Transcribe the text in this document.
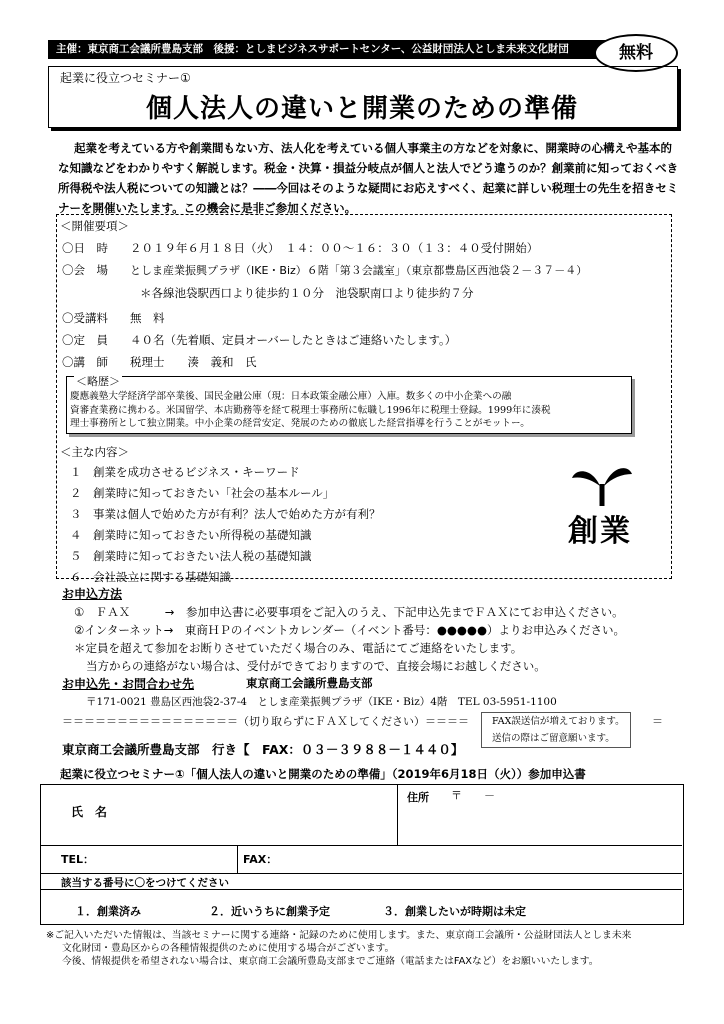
主催：東京商工会議所豊島支部　後援：としまビジネスサポートセンター、公益財団法人としま未来文化財団	無料
起業に役立つセミナー①
個人法人の違いと開業のための準備
起業を考えている方や創業間もない方、法人化を考えている個人事業主の方などを対象に、開業時の心構えや基本的な知識などをわかりやすく解説します。税金・決算・損益分岐点が個人と法人でどう違うのか？創業前に知っておくべき所得税や法人税についての知識とは？――今回はそのような疑問にお応えすべく、起業に詳しい税理士の先生を招きセミナーを開催いたします。この機会に是非ご参加ください。
＜開催要項＞
〇日　時 ２０１９年６月１８日（火）　１４：００～１６：３０（１３：４０受付開始）
〇会　場 としま産業振興プラザ（IKE・Biz）６階「第３会議室」（東京都豊島区西池袋２－３７－４）
＊各線池袋駅西口より徒歩約１０分　池袋駅南口より徒歩約７分
〇受講料 無　料
〇定　員 ４０名（先着順、定員オーバーしたときはご連絡いたします。）
〇講　師 税理士　　湊　義和　氏
＜略歴＞
慶應義塾大学経済学部卒業後、国民金融公庫（現：日本政策金融公庫）入庫。数多くの中小企業への融
資審査業務に携わる。米国留学、本店勤務等を経て税理士事務所に転職し1996年に税理士登録。1999年に湊税
理士事務所として独立開業。中小企業の経営安定、発展のための徹底した経営指導を行うことがモットー。
＜主な内容＞
１　創業を成功させるビジネス・キーワード
２　創業時に知っておきたい「社会の基本ルール」
３　事業は個人で始めた方が有利？法人で始めた方が有利？
４　創業時に知っておきたい所得税の基礎知識
５　創業時に知っておきたい法人税の基礎知識
６　会社設立に関する基礎知識
創業
お申込方法
①　ＦＡＸ　　　→　参加申込書に必要事項をご記入のうえ、下記申込先までＦＡＸにてお申込ください。
②インターネット→　東商ＨＰのイベントカレンダー（イベント番号：●●●●●）よりお申込みください。
＊定員を超えて参加をお断りさせていただく場合のみ、電話にてご連絡をいたします。
当方からの連絡がない場合は、受付ができておりますので、直接会場にお越しください。
お申込先・お問合わせ先	東京商工会議所豊島支部
〒171-0021 豊島区西池袋2-37-4　としま産業振興プラザ（IKE・Biz）4階　TEL 03-5951-1100
＝＝＝＝＝＝＝＝＝＝＝＝＝＝＝＝（切り取らずにＦＡＸしてください）＝＝＝＝	＝
FAX誤送信が増えております。
送信の際はご留意願います。
東京商工会議所豊島支部　行き【　FAX：０３－３９８８－１４４０】
起業に役立つセミナー①「個人法人の違いと開業のための準備」（2019年6月18日（火））参加申込書
氏　名
住所 〒　　－
TEL：	FAX：
該当する番号に〇をつけてください
１．創業済み	２．近いうちに創業予定	３．創業したいが時期は未定
※ご記入いただいた情報は、当該セミナーに関する連絡・記録のために使用します。また、東京商工会議所・公益財団法人としま未来
文化財団・豊島区からの各種情報提供のために使用する場合がございます。
今後、情報提供を希望されない場合は、東京商工会議所豊島支部までご連絡（電話またはFAXなど）をお願いいたします。
